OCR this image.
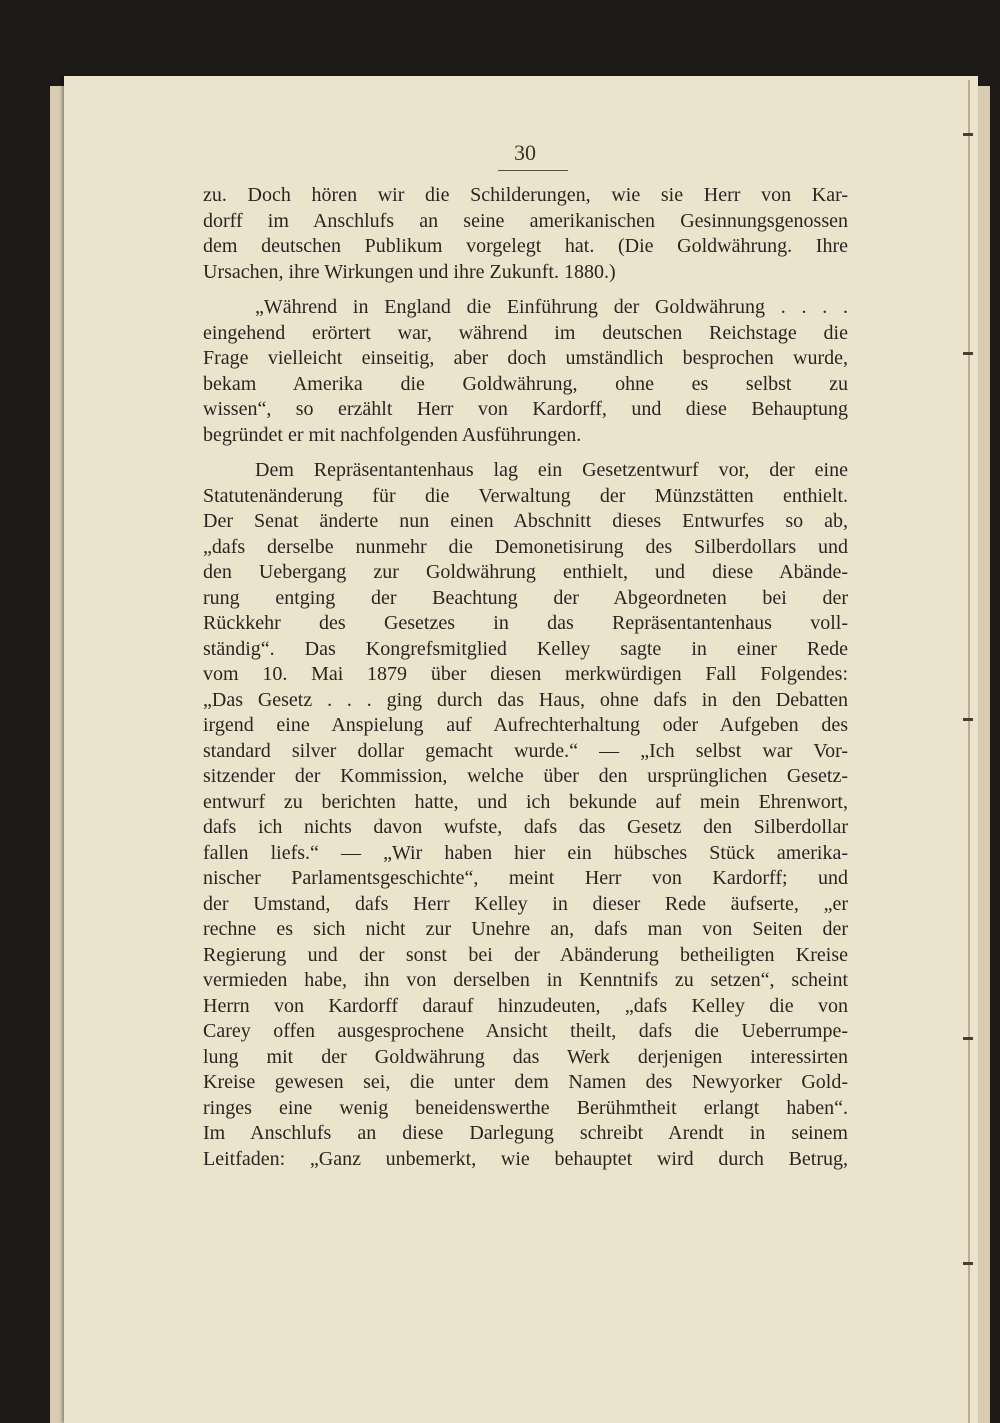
30
zu. Doch hören wir die Schilderungen, wie sie Herr von Kar-
dorff im Anschlufs an seine amerikanischen Gesinnungsgenossen
dem deutschen Publikum vorgelegt hat. (Die Goldwährung. Ihre
Ursachen, ihre Wirkungen und ihre Zukunft. 1880.)
„Während in England die Einführung der Goldwährung . . . .
eingehend erörtert war, während im deutschen Reichstage die
Frage vielleicht einseitig, aber doch umständlich besprochen wurde,
bekam Amerika die Goldwährung, ohne es selbst zu
wissen“, so erzählt Herr von Kardorff, und diese Behauptung
begründet er mit nachfolgenden Ausführungen.
Dem Repräsentantenhaus lag ein Gesetzentwurf vor, der eine
Statutenänderung für die Verwaltung der Münzstätten enthielt.
Der Senat änderte nun einen Abschnitt dieses Entwurfes so ab,
„dafs derselbe nunmehr die Demonetisirung des Silberdollars und
den Uebergang zur Goldwährung enthielt, und diese Abände-
rung entging der Beachtung der Abgeordneten bei der
Rückkehr des Gesetzes in das Repräsentantenhaus voll-
ständig“. Das Kongrefsmitglied Kelley sagte in einer Rede
vom 10. Mai 1879 über diesen merkwürdigen Fall Folgendes:
„Das Gesetz . . . ging durch das Haus, ohne dafs in den Debatten
irgend eine Anspielung auf Aufrechterhaltung oder Aufgeben des
standard silver dollar gemacht wurde.“ — „Ich selbst war Vor-
sitzender der Kommission, welche über den ursprünglichen Gesetz-
entwurf zu berichten hatte, und ich bekunde auf mein Ehrenwort,
dafs ich nichts davon wufste, dafs das Gesetz den Silberdollar
fallen liefs.“ — „Wir haben hier ein hübsches Stück amerika-
nischer Parlamentsgeschichte“, meint Herr von Kardorff; und
der Umstand, dafs Herr Kelley in dieser Rede äufserte, „er
rechne es sich nicht zur Unehre an, dafs man von Seiten der
Regierung und der sonst bei der Abänderung betheiligten Kreise
vermieden habe, ihn von derselben in Kenntnifs zu setzen“, scheint
Herrn von Kardorff darauf hinzudeuten, „dafs Kelley die von
Carey offen ausgesprochene Ansicht theilt, dafs die Ueberrumpe-
lung mit der Goldwährung das Werk derjenigen interessirten
Kreise gewesen sei, die unter dem Namen des Newyorker Gold-
ringes eine wenig beneidenswerthe Berühmtheit erlangt haben“.
Im Anschlufs an diese Darlegung schreibt Arendt in seinem
Leitfaden: „Ganz unbemerkt, wie behauptet wird durch Betrug,
